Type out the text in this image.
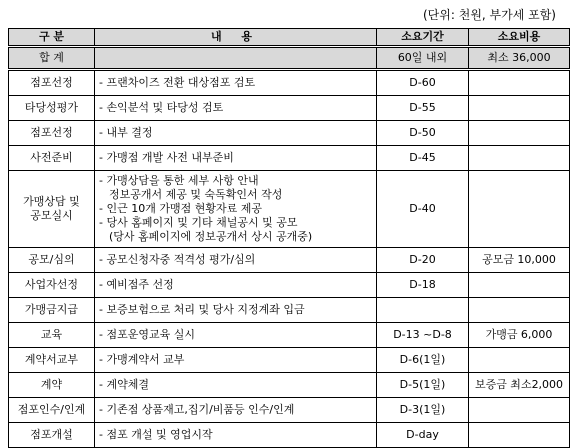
(단위: 천원, 부가세 포함)
구 분	내 용	소요기간	소요비용
합 계		60일 내외	최소 36,000
점포선정	- 프랜차이즈 전환 대상점포 검토	D-60	
타당성평가	- 손익분석 및 타당성 검토	D-55	
점포선정	- 내부 결정	D-50	
사전준비	- 가맹점 개발 사전 내부준비	D-45	

가맹상담 및
공모실시	- 가맹상담을 통한 세부 사항 안내
정보공개서 제공 및 숙독확인서 작성
- 인근 10개 가맹점 현황자료 제공
- 당사 홈페이지 및 기타 채널공시 및 공모
(당사 홈페이지에 정보공개서 상시 공개중)	D-40	
공모/심의	- 공모신청자중 적격성 평가/심의	D-20	공모금 10,000
사업자선정	- 예비점주 선정	D-18	
가맹금지급	- 보증보험으로 처리 및 당사 지정계좌 입금		
교육	- 점포운영교육 실시	D-13 ~D-8	가맹금 6,000
계약서교부	- 가맹계약서 교부	D-6(1일)	
계약	- 계약체결	D-5(1일)	보증금 최소2,000
점포인수/인계	- 기존점 상품재고,집기/비품등 인수/인계	D-3(1일)	
점포개설	- 점포 개설 및 영업시작	D-day	
